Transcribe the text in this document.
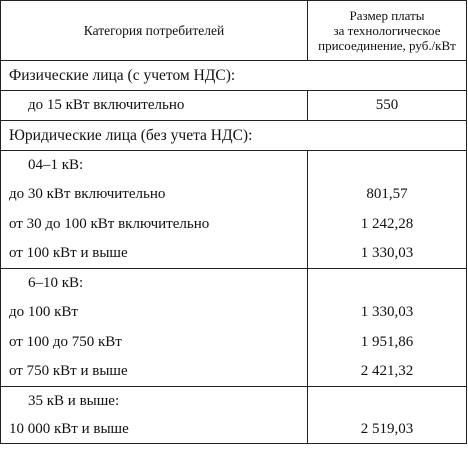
Категория потребителей	Размер платы
за технологическое
присоединение, руб./кВт

Физические лица (с учетом НДС):	
до 15 кВт включительно	550
Юридические лица (без учета НДС):	
04–1 кВ:	
до 30 кВт включительно	801,57
от 30 до 100 кВт включительно	1 242,28
от 100 кВт и выше	1 330,03
6–10 кВ:	
до 100 кВт	1 330,03
от 100 до 750 кВт	1 951,86
от 750 кВт и выше	2 421,32
35 кВ и выше:	
10 000 кВт и выше	2 519,03
